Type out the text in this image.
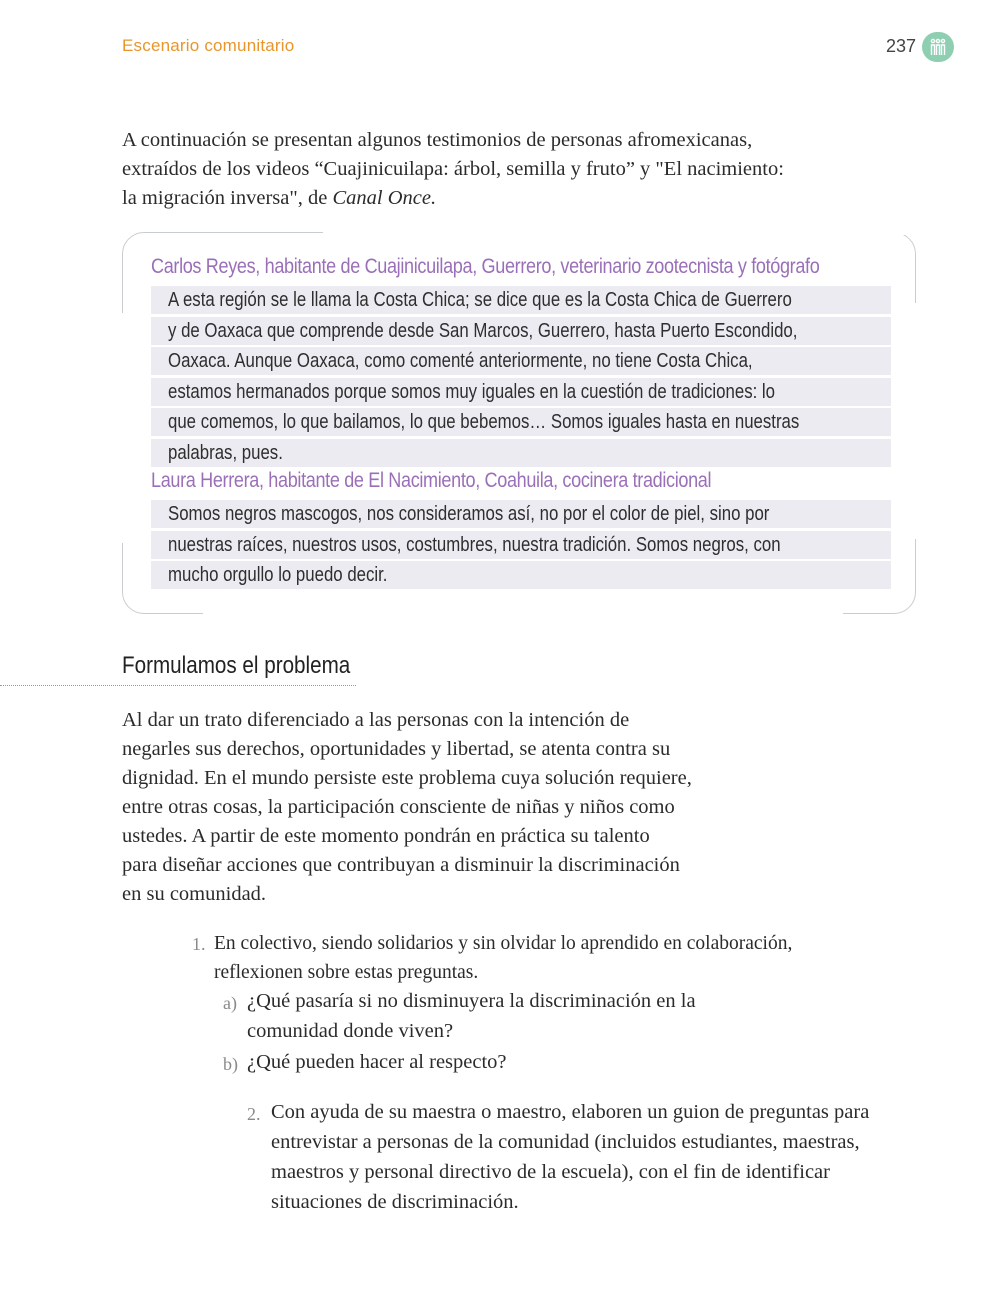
Escenario comunitario	237
A continuación se presentan algunos testimonios de personas afromexicanas,
extraídos de los videos “Cuajinicuilapa: árbol, semilla y fruto” y "El nacimiento:
la migración inversa", de Canal Once.
Carlos Reyes, habitante de Cuajinicuilapa, Guerrero, veterinario zootecnista y fotógrafo
A esta región se le llama la Costa Chica; se dice que es la Costa Chica de Guerrero
y de Oaxaca que comprende desde San Marcos, Guerrero, hasta Puerto Escondido,
Oaxaca. Aunque Oaxaca, como comenté anteriormente, no tiene Costa Chica,
estamos hermanados porque somos muy iguales en la cuestión de tradiciones: lo
que comemos, lo que bailamos, lo que bebemos… Somos iguales hasta en nuestras
palabras, pues.
Laura Herrera, habitante de El Nacimiento, Coahuila, cocinera tradicional
Somos negros mascogos, nos consideramos así, no por el color de piel, sino por
nuestras raíces, nuestros usos, costumbres, nuestra tradición. Somos negros, con
mucho orgullo lo puedo decir.
Formulamos el problema
Al dar un trato diferenciado a las personas con la intención de
negarles sus derechos, oportunidades y libertad, se atenta contra su
dignidad. En el mundo persiste este problema cuya solución requiere,
entre otras cosas, la participación consciente de niñas y niños como
ustedes. A partir de este momento pondrán en práctica su talento
para diseñar acciones que contribuyan a disminuir la discriminación
en su comunidad.
1. En colectivo, siendo solidarios y sin olvidar lo aprendido en colaboración,
reflexionen sobre estas preguntas.
a) ¿Qué pasaría si no disminuyera la discriminación en la
comunidad donde viven?
b) ¿Qué pueden hacer al respecto?
2. Con ayuda de su maestra o maestro, elaboren un guion de preguntas para
entrevistar a personas de la comunidad (incluidos estudiantes, maestras,
maestros y personal directivo de la escuela), con el fin de identificar
situaciones de discriminación.
